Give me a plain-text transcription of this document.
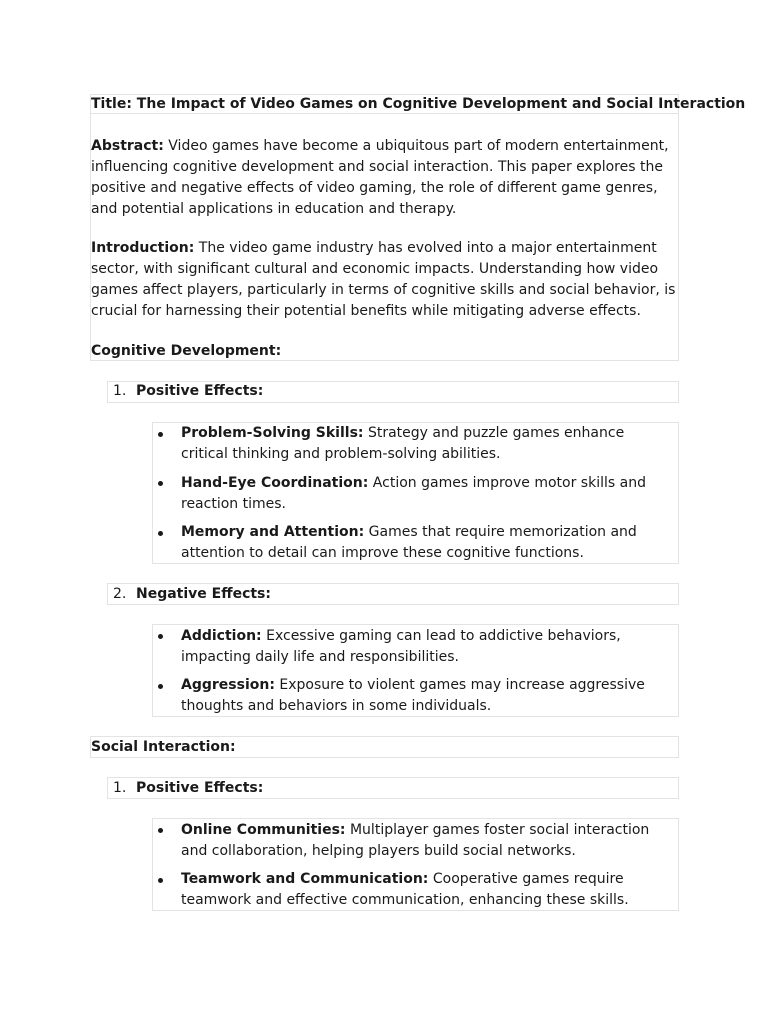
Title: The Impact of Video Games on Cognitive Development and Social Interaction
Abstract: Video games have become a ubiquitous part of modern entertainment, influencing cognitive development and social interaction. This paper explores the positive and negative effects of video gaming, the role of different game genres, and potential applications in education and therapy.
Introduction: The video game industry has evolved into a major entertainment sector, with significant cultural and economic impacts. Understanding how video games affect players, particularly in terms of cognitive skills and social behavior, is crucial for harnessing their potential benefits while mitigating adverse effects.
Cognitive Development:
1. Positive Effects:
Problem-Solving Skills: Strategy and puzzle games enhance critical thinking and problem-solving abilities.
Hand-Eye Coordination: Action games improve motor skills and reaction times.
Memory and Attention: Games that require memorization and attention to detail can improve these cognitive functions.
2. Negative Effects:
Addiction: Excessive gaming can lead to addictive behaviors, impacting daily life and responsibilities.
Aggression: Exposure to violent games may increase aggressive thoughts and behaviors in some individuals.
Social Interaction:
1. Positive Effects:
Online Communities: Multiplayer games foster social interaction and collaboration, helping players build social networks.
Teamwork and Communication: Cooperative games require teamwork and effective communication, enhancing these skills.
